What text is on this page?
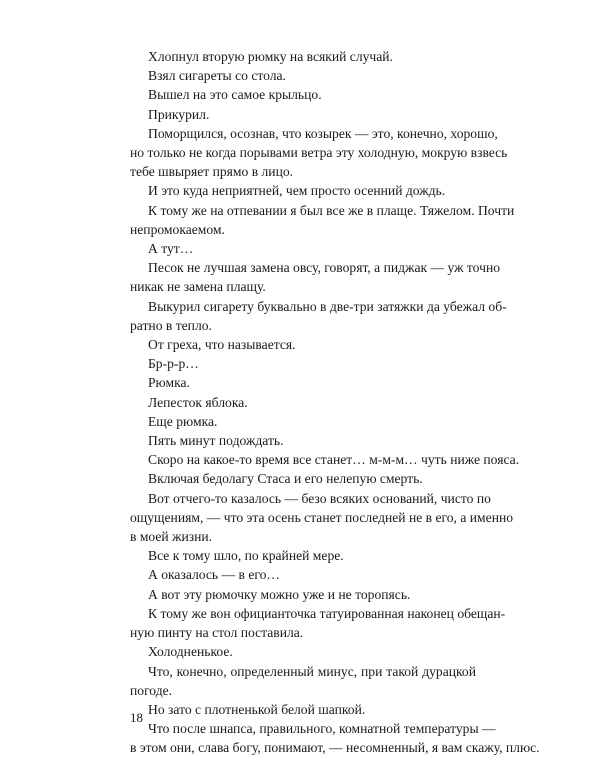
Хлопнул вторую рюмку на всякий случай.
Взял сигареты со стола.
Вышел на это самое крыльцо.
Прикурил.
Поморщился, осознав, что козырек — это, конечно, хорошо,
но только не когда порывами ветра эту холодную, мокрую взвесь
тебе швыряет прямо в лицо.
И это куда неприятней, чем просто осенний дождь.
К тому же на отпевании я был все же в плаще. Тяжелом. Почти
непромокаемом.
А тут…
Песок не лучшая замена овсу, говорят, а пиджак — уж точно
никак не замена плащу.
Выкурил сигарету буквально в две-три затяжки да убежал об-
ратно в тепло.
От греха, что называется.
Бр-р-р…
Рюмка.
Лепесток яблока.
Еще рюмка.
Пять минут подождать.
Скоро на какое-то время все станет… м-м-м… чуть ниже пояса.
Включая бедолагу Стаса и его нелепую смерть.
Вот отчего-то казалось — безо всяких оснований, чисто по
ощущениям, — что эта осень станет последней не в его, а именно
в моей жизни.
Все к тому шло, по крайней мере.
А оказалось — в его…
А вот эту рюмочку можно уже и не торопясь.
К тому же вон официанточка татуированная наконец обещан-
ную пинту на стол поставила.
Холодненькое.
Что, конечно, определенный минус, при такой дурацкой
погоде.
Но зато с плотненькой белой шапкой.
Что после шнапса, правильного, комнатной температуры —
в этом они, слава богу, понимают, — несомненный, я вам скажу, плюс.
18
